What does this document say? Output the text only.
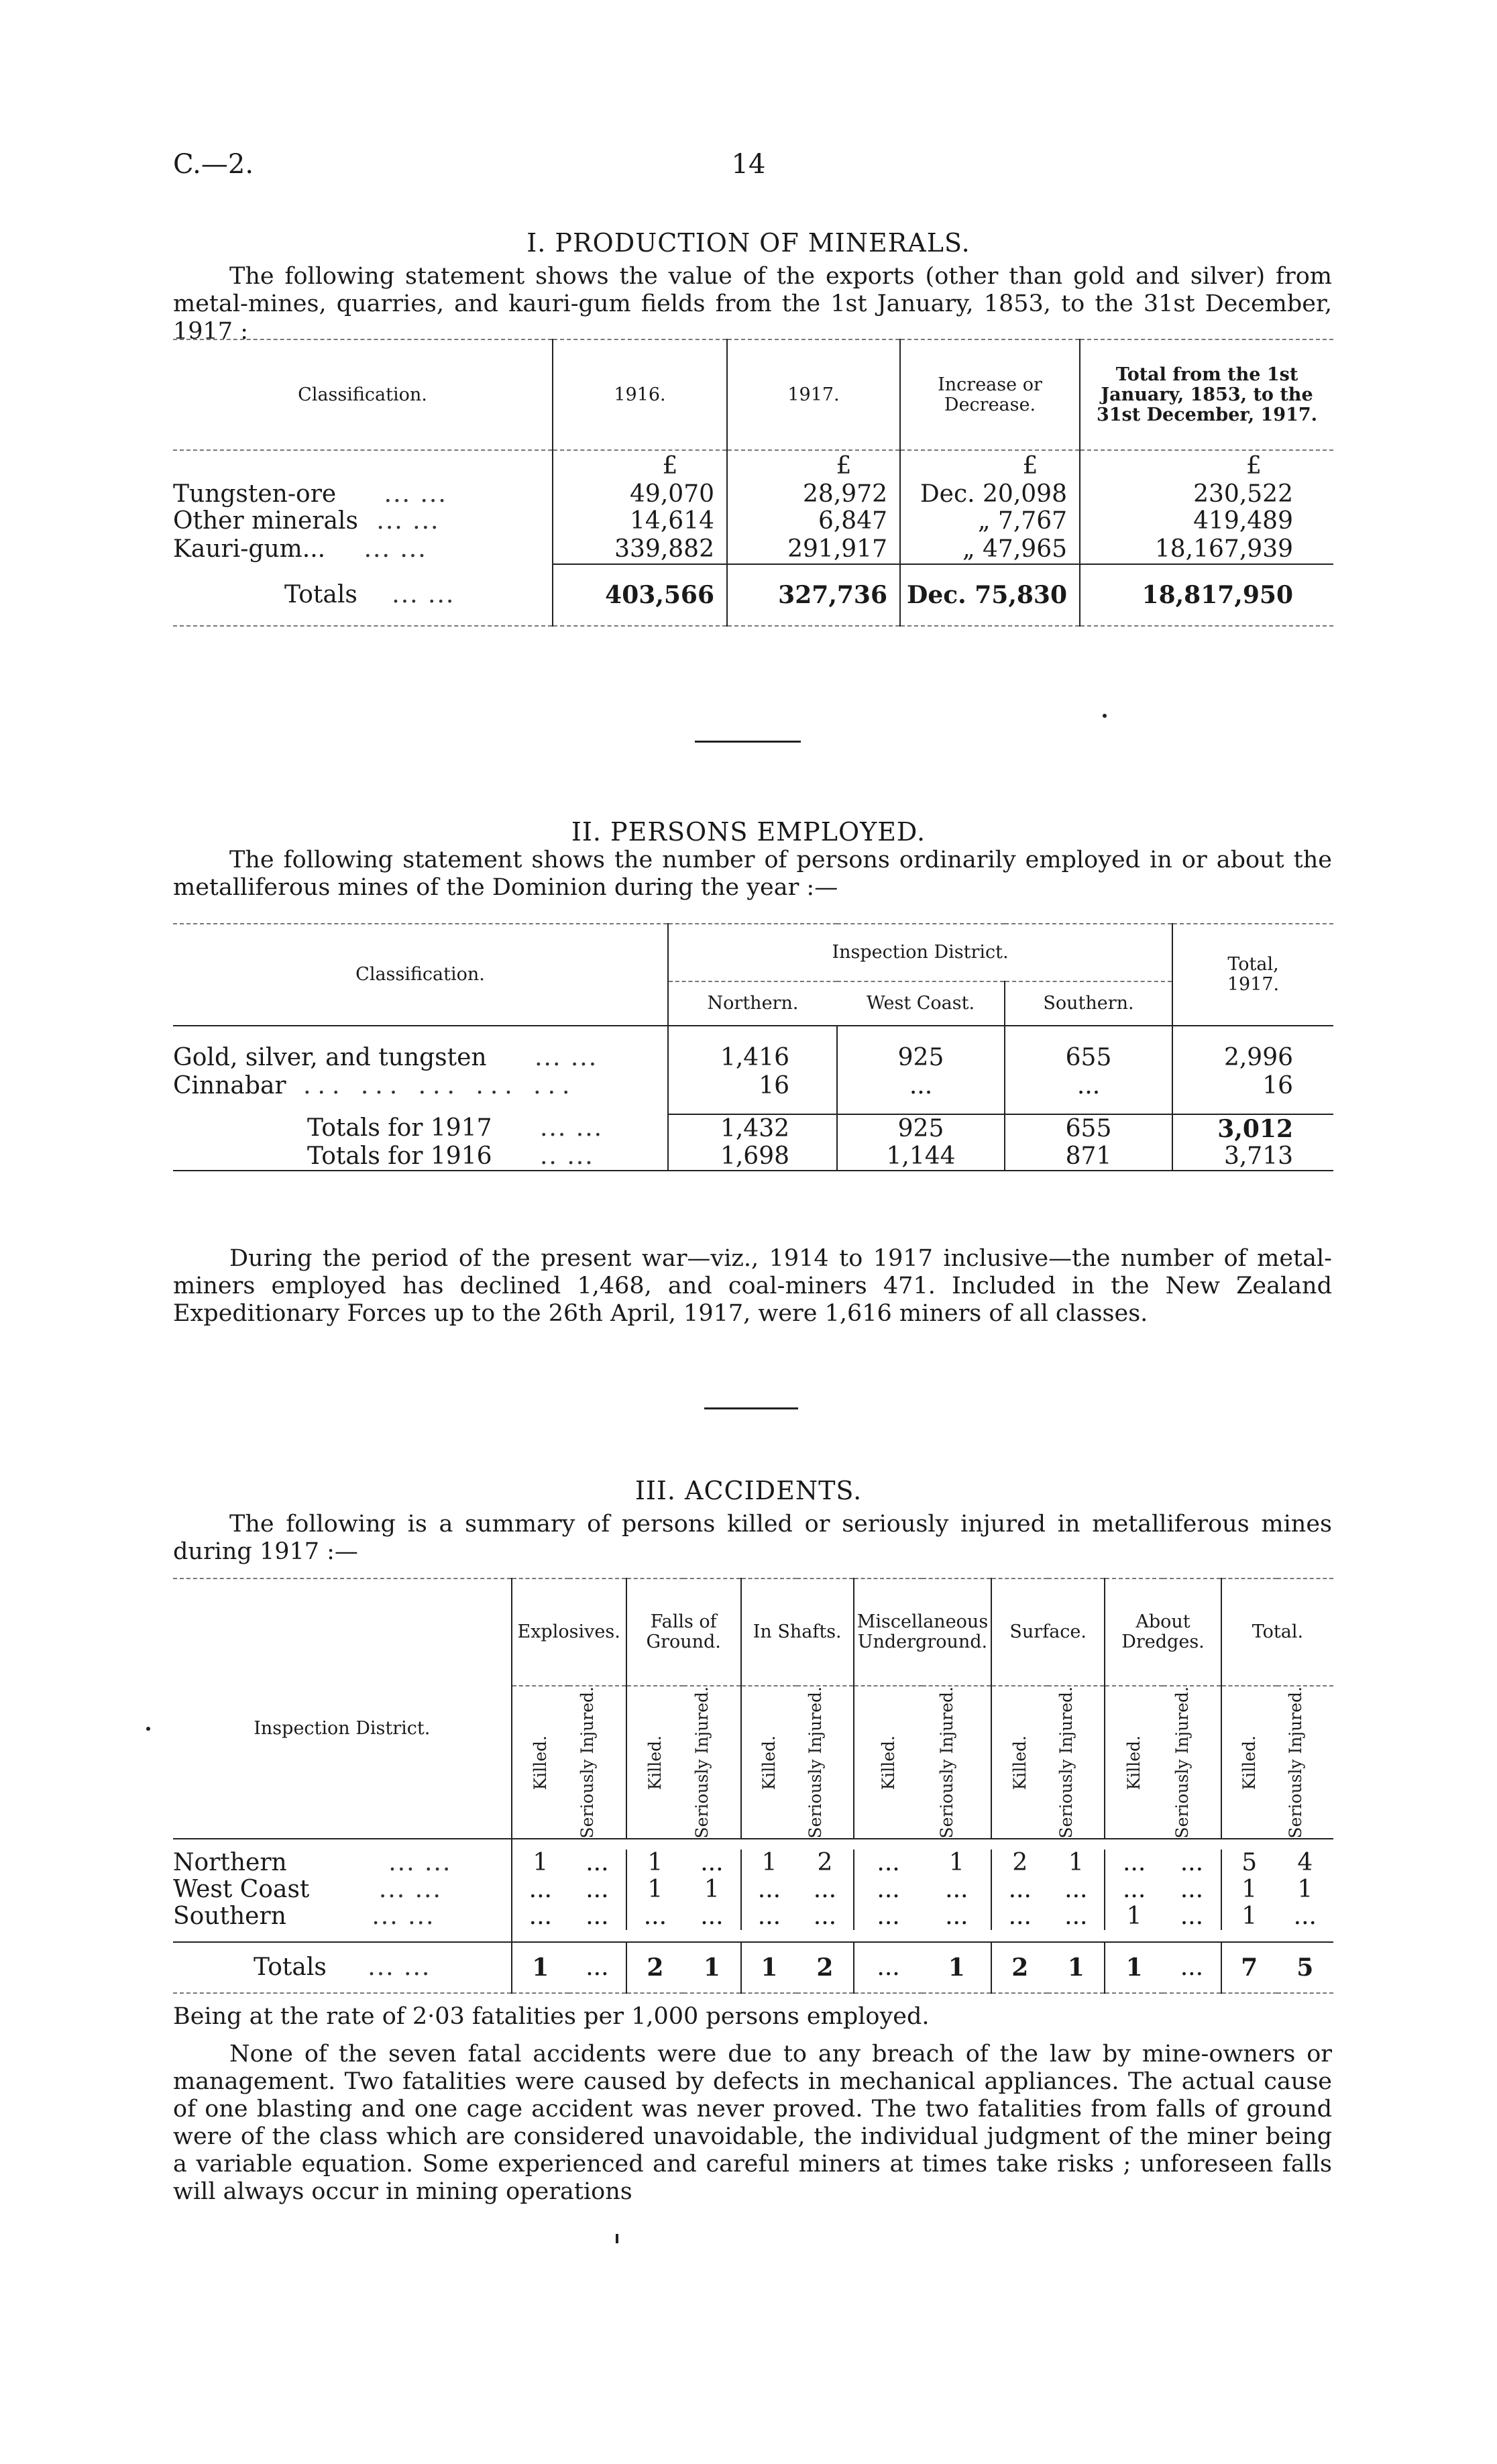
C.—2.	14
I. PRODUCTION OF MINERALS.
The following statement shows the value of the exports (other than gold and silver) from metal-mines, quarries, and kauri-gum fields from the 1st January, 1853, to the 31st December, 1917 :
Classification.	1916.	1917.	Increase or Decrease.	Total from the 1st January, 1853, to the 31st December, 1917.
	£	£	£	£
Tungsten-ore ... ...	49,070	28,972	Dec. 20,098	230,522
Other minerals ... ...	14,614	6,847	„ 7,767	419,489
Kauri-gum... ... ...	339,882	291,917	„ 47,965	18,167,939
Totals ... ...	403,566	327,736	Dec. 75,830	18,817,950

II. PERSONS EMPLOYED.
The following statement shows the number of persons ordinarily employed in or about the metalliferous mines of the Dominion during the year :—
Classification.	Inspection District.			Total, 1917.
	Northern.	West Coast.	Southern.	

Gold, silver, and tungsten ... ...	1,416	925	655	2,996
Cinnabar ... ... ... ... ...	16	...	...	16

Totals for 1917 ... ...	1,432	925	655	3,012
Totals for 1916 .. ...	1,698	1,144	871	3,713

During the period of the present war—viz., 1914 to 1917 inclusive—the number of metal-miners employed has declined 1,468, and coal-miners 471. Included in the New Zealand Expeditionary Forces up to the 26th April, 1917, were 1,616 miners of all classes.
III. ACCIDENTS.
The following is a summary of persons killed or seriously injured in metalliferous mines during 1917 :—
Inspection District.	Explosives.		Falls of Ground.		In Shafts.		Miscellaneous Underground.		Surface.		About Dredges.		Total.	

	Killed.	Seriously Injured.	Killed.	Seriously Injured.	Killed.	Seriously Injured.	Killed.	Seriously Injured.	Killed.	Seriously Injured.	Killed.	Seriously Injured.	Killed.	Seriously Injured.

Northern ... ...	1	...	1	...	1	2	...	1	2	1	...	...	5	4
West Coast ... ...	...	...	1	1	...	...	...	...	...	...	...	...	1	1
Southern ... ...	...	...	...	...	...	...	...	...	...	...	1	...	1	...

Totals ... ...	1	...	2	1	1	2	...	1	2	1	1	...	7	5

Being at the rate of 2·03 fatalities per 1,000 persons employed.
None of the seven fatal accidents were due to any breach of the law by mine-owners or management. Two fatalities were caused by defects in mechanical appliances. The actual cause of one blasting and one cage accident was never proved. The two fatalities from falls of ground were of the class which are considered unavoidable, the individual judgment of the miner being a variable equation. Some experienced and careful miners at times take risks ; unforeseen falls will always occur in mining operations
